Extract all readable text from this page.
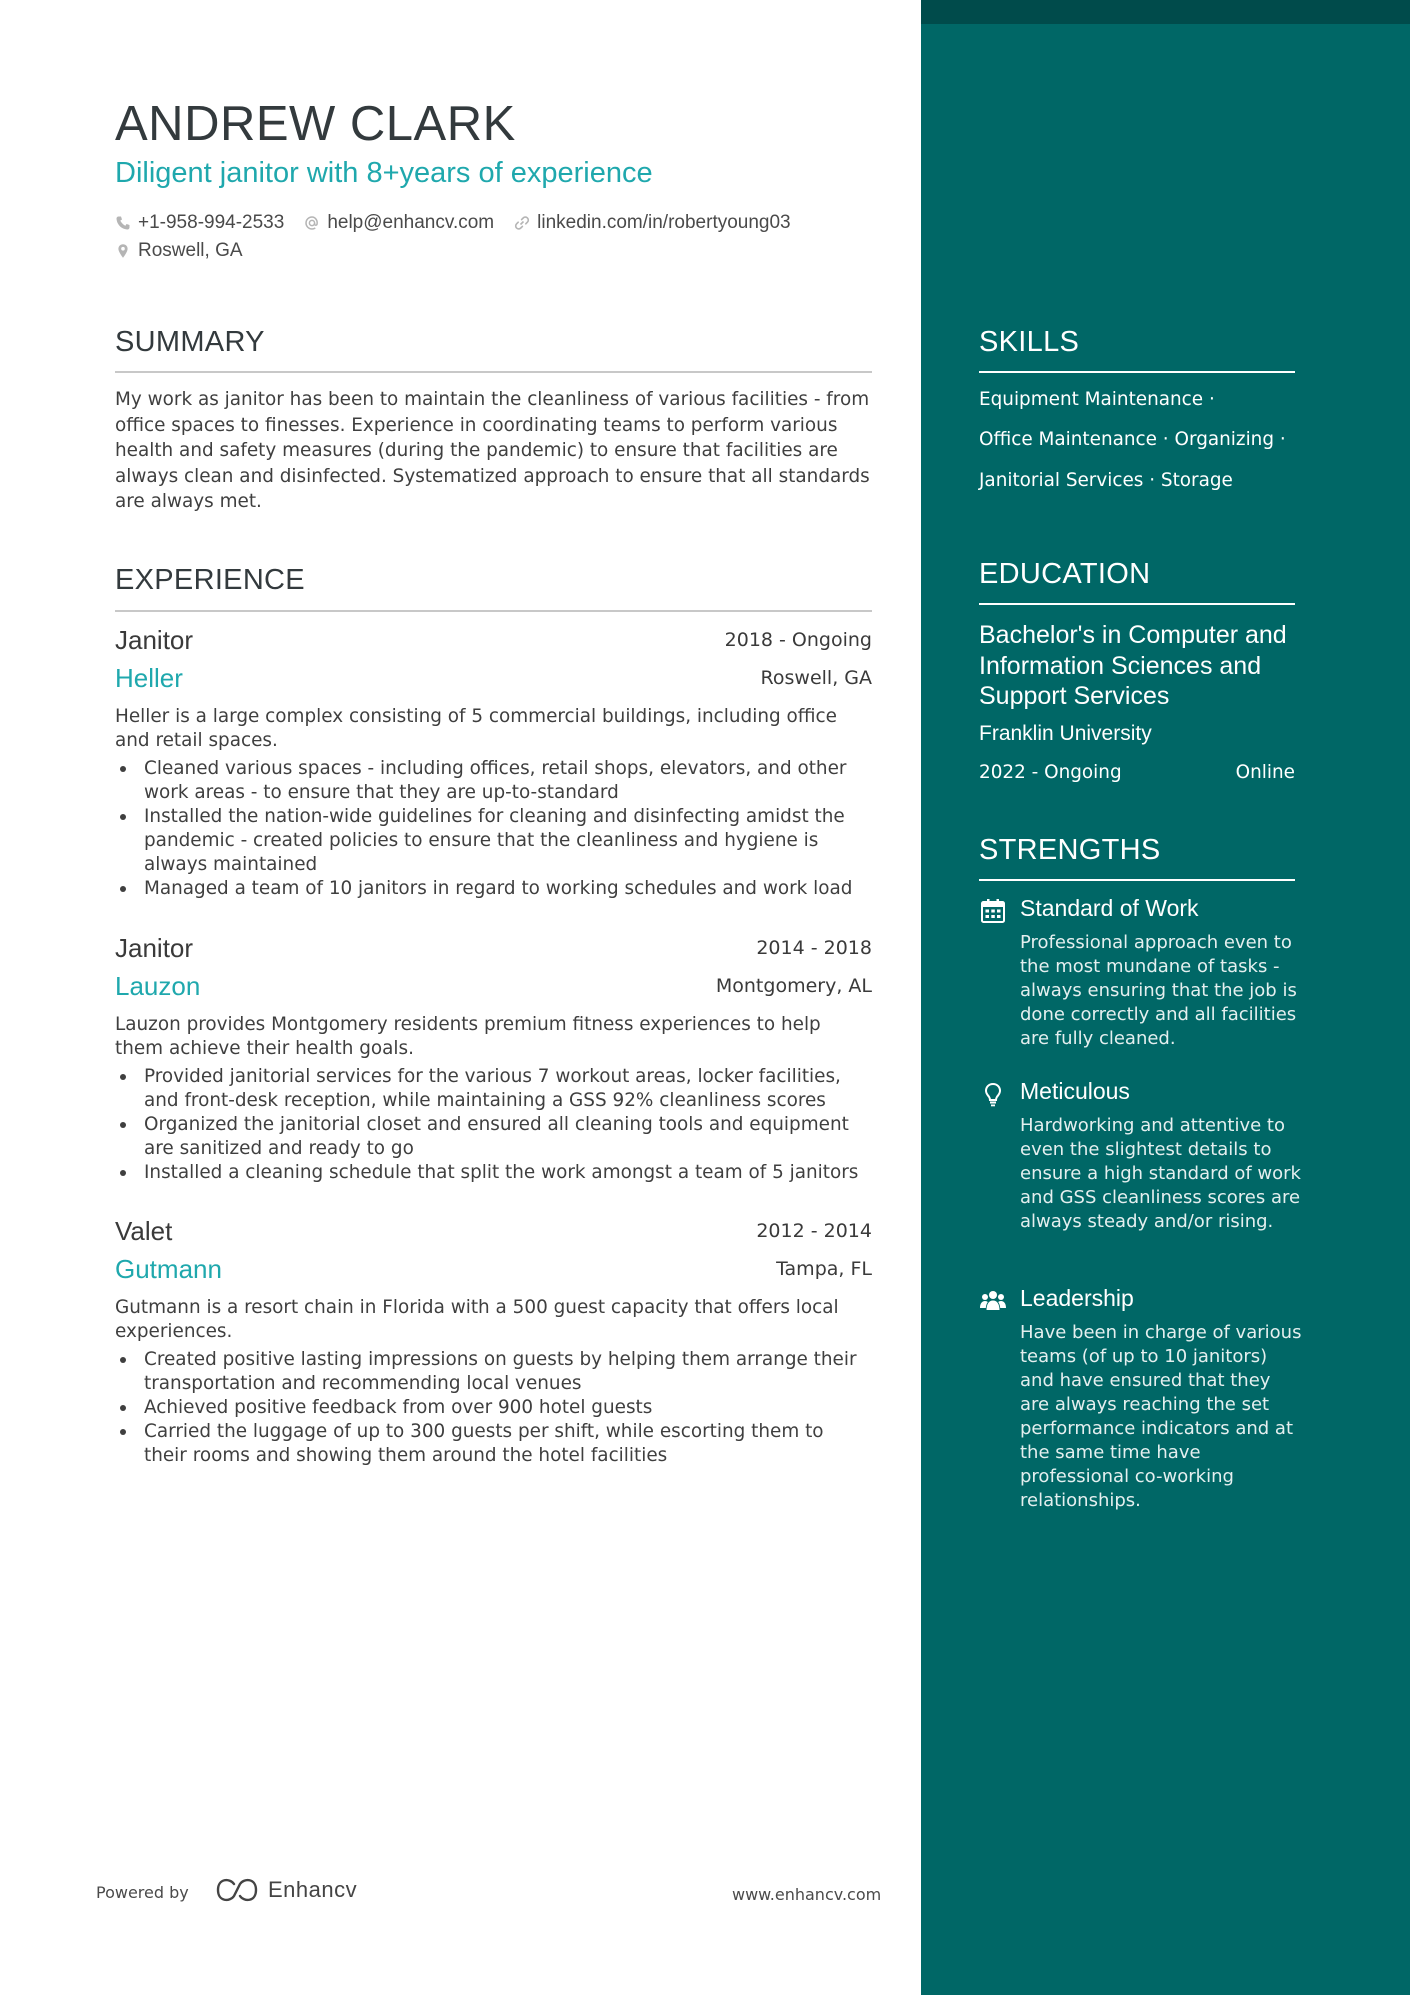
ANDREW CLARK
Diligent janitor with 8+years of experience
+1-958-994-2533 help@enhancv.com linkedin.com/in/robertyoung03
Roswell, GA
SUMMARY
My work as janitor has been to maintain the cleanliness of various facilities - from office spaces to finesses. Experience in coordinating teams to perform various health and safety measures (during the pandemic) to ensure that facilities are always clean and disinfected. Systematized approach to ensure that all standards are always met.
EXPERIENCE
Janitor	2018 - Ongoing
Heller	Roswell, GA
Heller is a large complex consisting of 5 commercial buildings, including office and retail spaces.
Cleaned various spaces - including offices, retail shops, elevators, and other work areas - to ensure that they are up-to-standard
Installed the nation-wide guidelines for cleaning and disinfecting amidst the pandemic - created policies to ensure that the cleanliness and hygiene is always maintained
Managed a team of 10 janitors in regard to working schedules and work load
Janitor	2014 - 2018
Lauzon	Montgomery, AL
Lauzon provides Montgomery residents premium fitness experiences to help them achieve their health goals.
Provided janitorial services for the various 7 workout areas, locker facilities, and front-desk reception, while maintaining a GSS 92% cleanliness scores
Organized the janitorial closet and ensured all cleaning tools and equipment are sanitized and ready to go
Installed a cleaning schedule that split the work amongst a team of 5 janitors
Valet	2012 - 2014
Gutmann	Tampa, FL
Gutmann is a resort chain in Florida with a 500 guest capacity that offers local experiences.
Created positive lasting impressions on guests by helping them arrange their transportation and recommending local venues
Achieved positive feedback from over 900 hotel guests
Carried the luggage of up to 300 guests per shift, while escorting them to their rooms and showing them around the hotel facilities
Powered by	Enhancv	www.enhancv.com
SKILLS
Equipment Maintenance ·
Office Maintenance · Organizing ·
Janitorial Services · Storage
EDUCATION
Bachelor's in Computer and Information Sciences and Support Services
Franklin University
2022 - Ongoing	Online
STRENGTHS
Standard of Work
Professional approach even to the most mundane of tasks - always ensuring that the job is done correctly and all facilities are fully cleaned.
Meticulous
Hardworking and attentive to even the slightest details to ensure a high standard of work and GSS cleanliness scores are always steady and/or rising.
Leadership
Have been in charge of various teams (of up to 10 janitors) and have ensured that they are always reaching the set performance indicators and at the same time have professional co-working relationships.
